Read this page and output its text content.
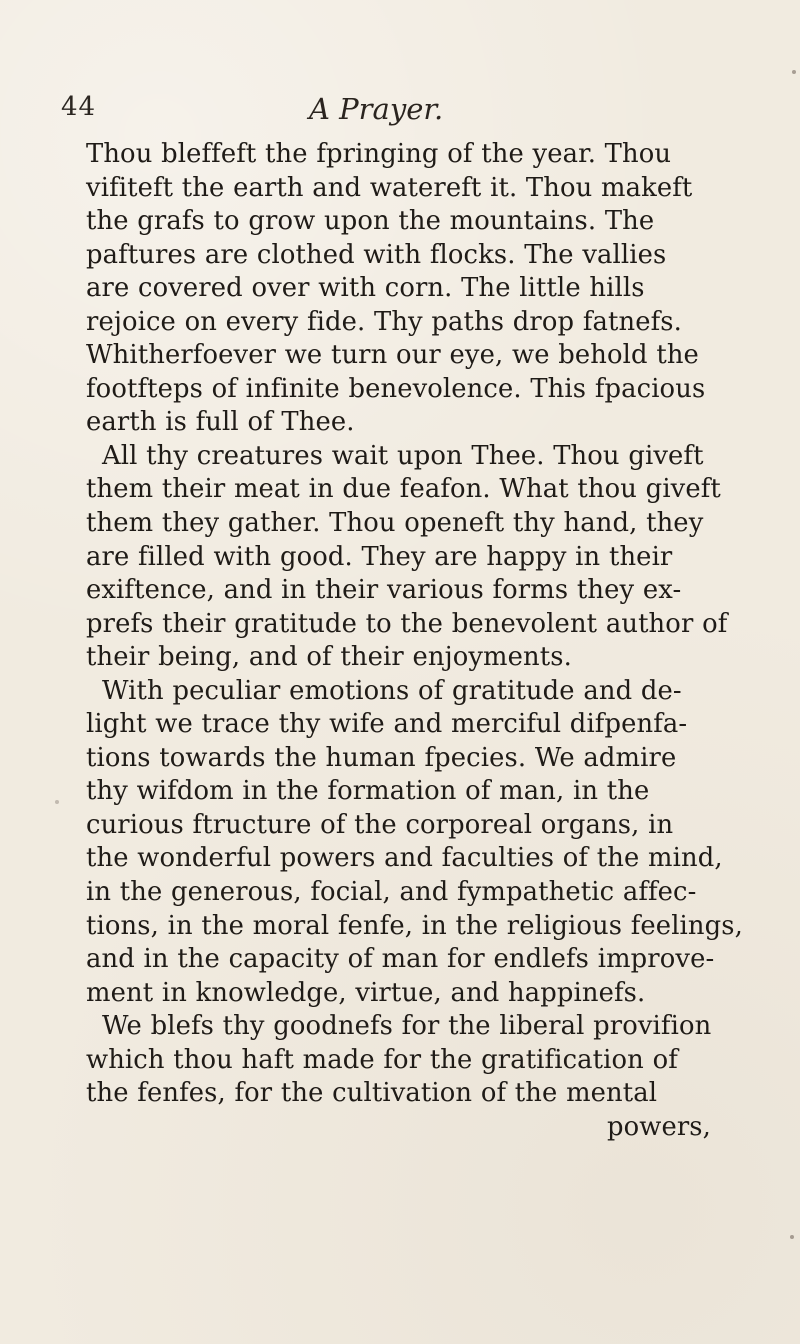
44	A Prayer.
Thou bleffeft the fpringing of the year. Thou
vifiteft the earth and watereft it. Thou makeft
the grafs to grow upon the mountains. The
paftures are clothed with flocks. The vallies
are covered over with corn. The little hills
rejoice on every fide. Thy paths drop fatnefs.
Whitherfoever we turn our eye, we behold the
footfteps of infinite benevolence. This fpacious
earth is full of Thee.
All thy creatures wait upon Thee. Thou giveft
them their meat in due feafon. What thou giveft
them they gather. Thou openeft thy hand, they
are filled with good. They are happy in their
exiftence, and in their various forms they ex-
prefs their gratitude to the benevolent author of
their being, and of their enjoyments.
With peculiar emotions of gratitude and de-
light we trace thy wife and merciful difpenfa-
tions towards the human fpecies. We admire
thy wifdom in the formation of man, in the
curious ftructure of the corporeal organs, in
the wonderful powers and faculties of the mind,
in the generous, focial, and fympathetic affec-
tions, in the moral fenfe, in the religious feelings,
and in the capacity of man for endlefs improve-
ment in knowledge, virtue, and happinefs.
We blefs thy goodnefs for the liberal provifion
which thou haft made for the gratification of
the fenfes, for the cultivation of the mental
powers,
